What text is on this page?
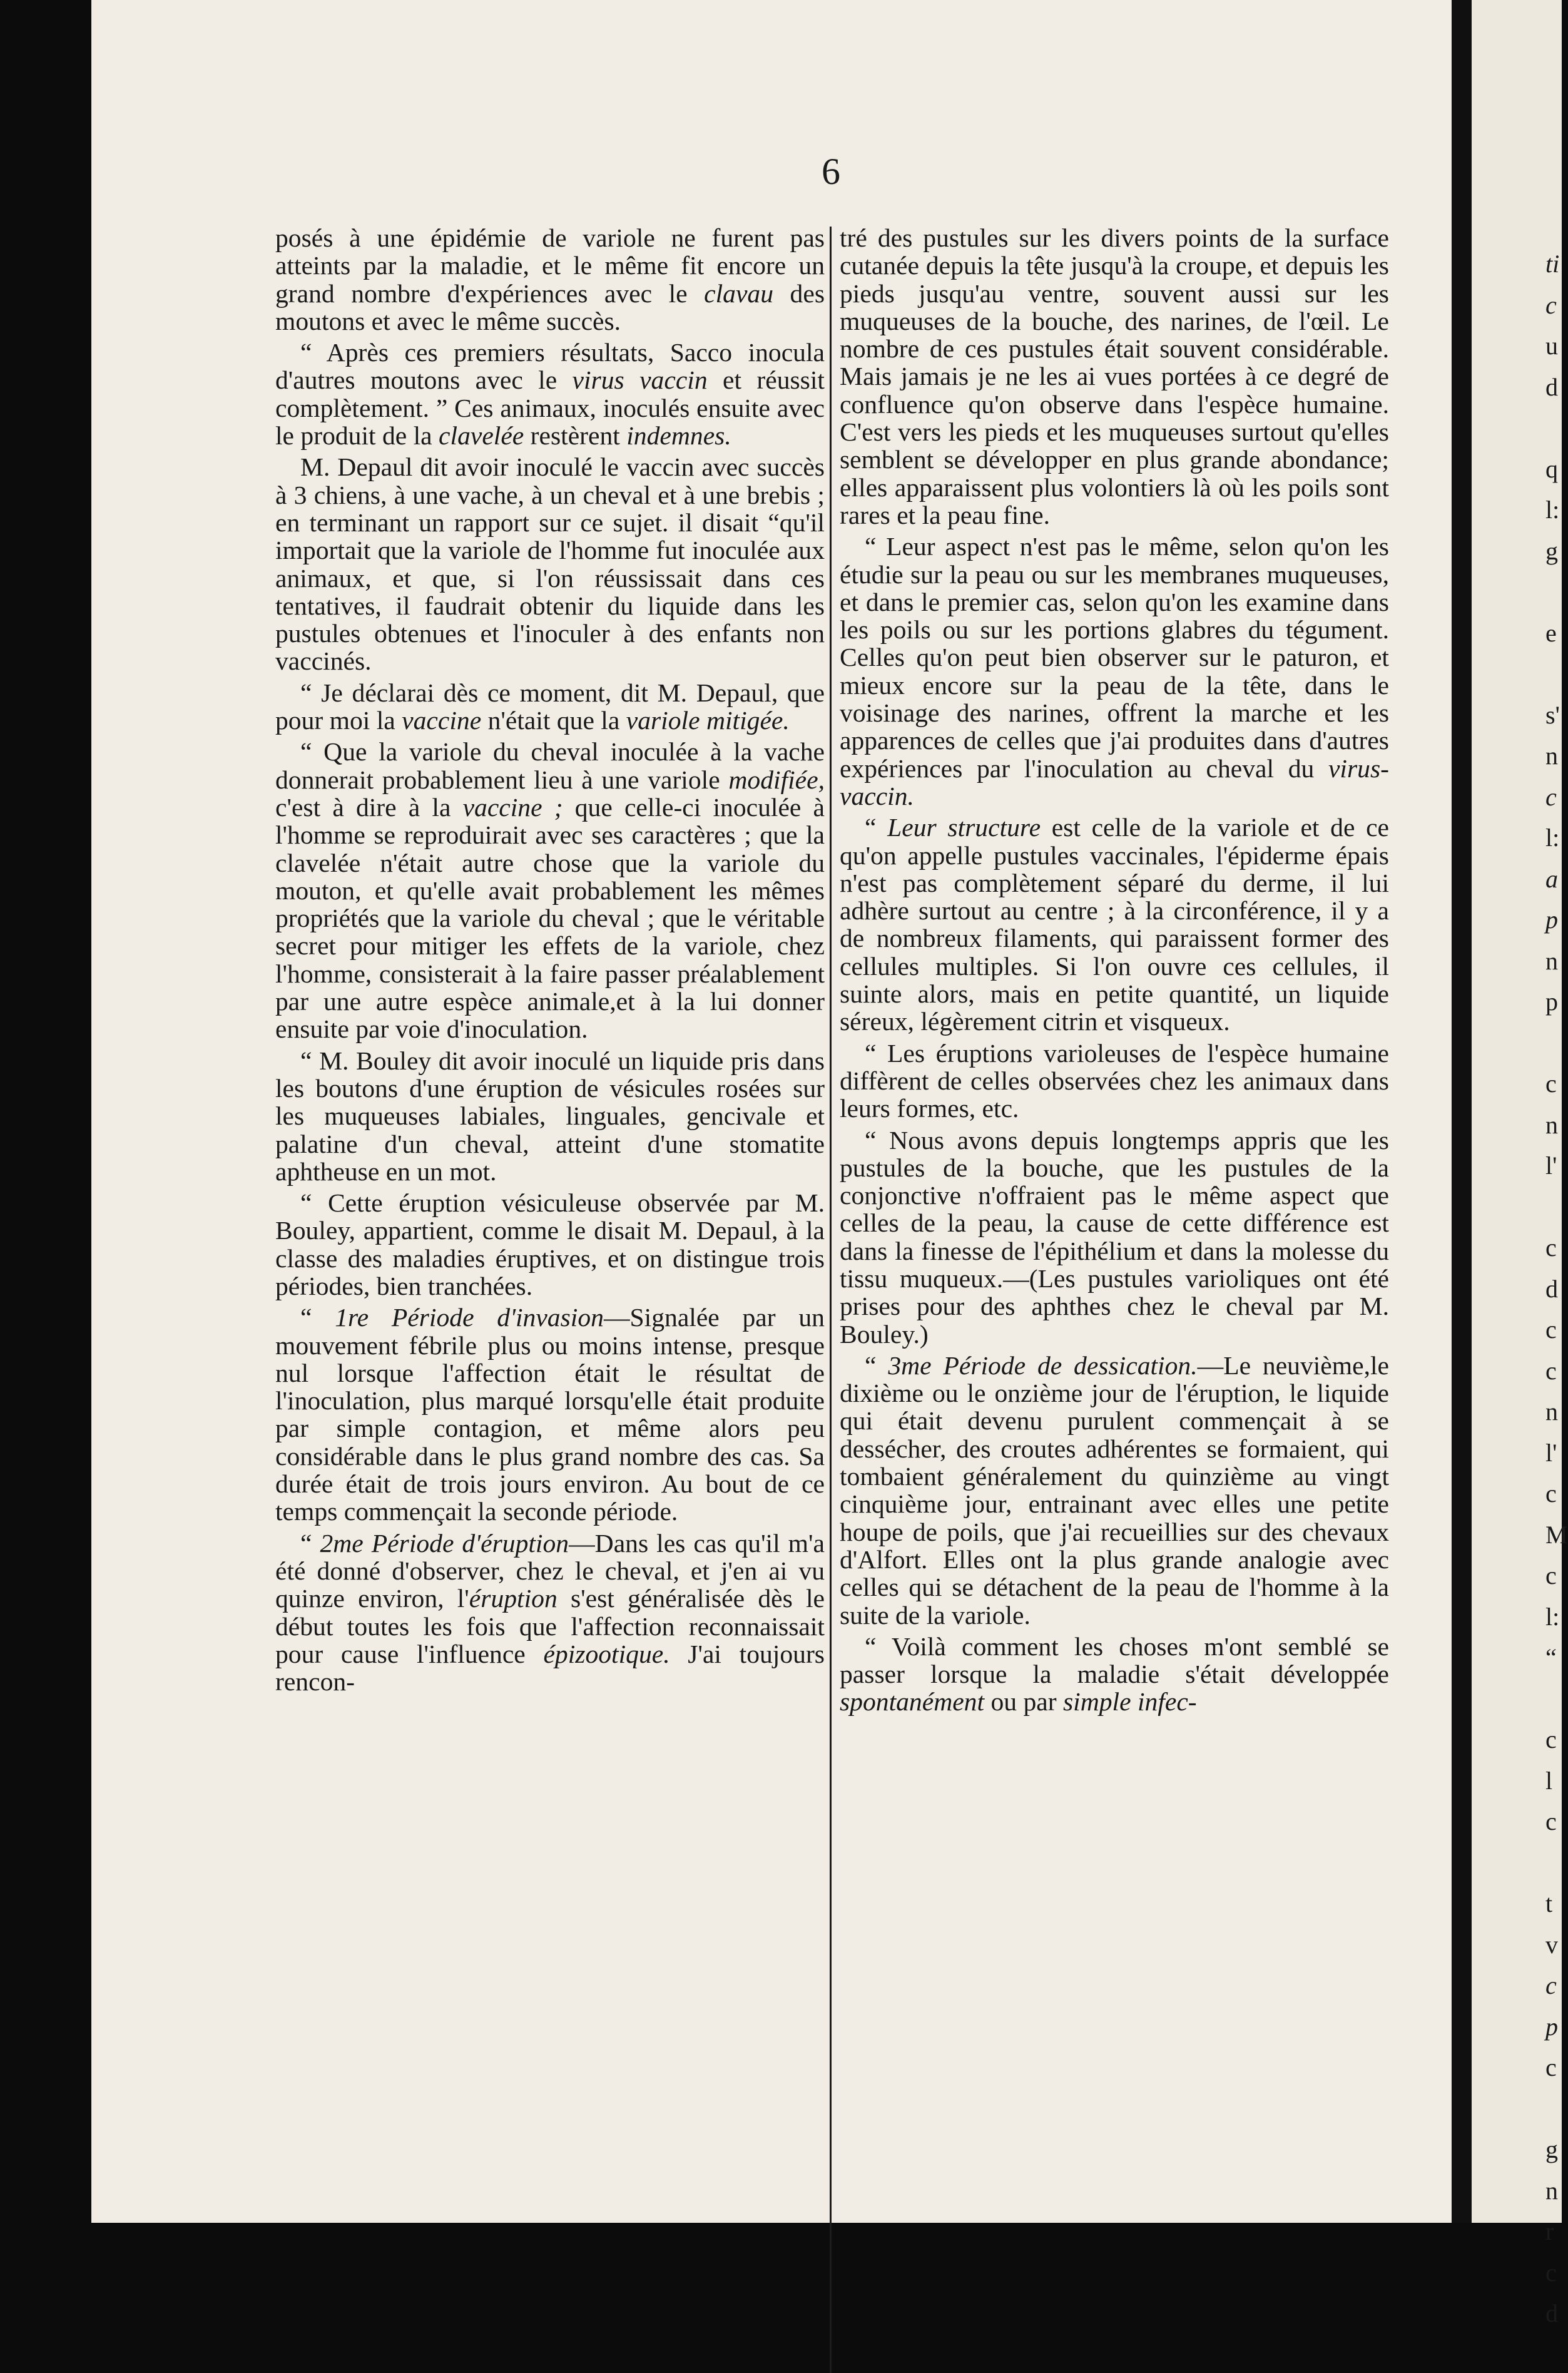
6

posés à une épidémie de variole ne furent pas atteints par la maladie, et le même fit encore un grand nombre d'expériences avec le clavau des moutons et avec le même succès.

“ Après ces premiers résultats, Sacco inocula d'autres moutons avec le virus vaccin et réussit complètement. ” Ces animaux, inoculés ensuite avec le produit de la clavelée restèrent indemnes.

M. Depaul dit avoir inoculé le vaccin avec succès à 3 chiens, à une vache, à un cheval et à une brebis ; en terminant un rapport sur ce sujet. il disait “qu'il importait que la variole de l'homme fut inoculée aux animaux, et que, si l'on réussissait dans ces tentatives, il faudrait obtenir du liquide dans les pustules obtenues et l'inoculer à des enfants non vaccinés.

“ Je déclarai dès ce moment, dit M. Depaul, que pour moi la vaccine n'était que la variole mitigée.

“ Que la variole du cheval inoculée à la vache donnerait probablement lieu à une variole modifiée, c'est à dire à la vaccine ; que celle-ci inoculée à l'homme se reproduirait avec ses caractères ; que la clavelée n'était autre chose que la variole du mouton, et qu'elle avait probablement les mêmes propriétés que la variole du cheval ; que le véritable secret pour mitiger les effets de la variole, chez l'homme, consisterait à la faire passer préalablement par une autre espèce animale,et à la lui donner ensuite par voie d'inoculation.

“ M. Bouley dit avoir inoculé un liquide pris dans les boutons d'une éruption de vésicules rosées sur les muqueuses labiales, linguales, gencivale et palatine d'un cheval, atteint d'une stomatite aphtheuse en un mot.

“ Cette éruption vésiculeuse observée par M. Bouley, appartient, comme le disait M. Depaul, à la classe des maladies éruptives, et on distingue trois périodes, bien tranchées.

“ 1re Période d'invasion—Signalée par un mouvement fébrile plus ou moins intense, presque nul lorsque l'affection était le résultat de l'inoculation, plus marqué lorsqu'elle était produite par simple contagion, et même alors peu considérable dans le plus grand nombre des cas. Sa durée était de trois jours environ. Au bout de ce temps commençait la seconde période.

“ 2me Période d'éruption—Dans les cas qu'il m'a été donné d'observer, chez le cheval, et j'en ai vu quinze environ, l'éruption s'est généralisée dès le début toutes les fois que l'affection reconnaissait pour cause l'influence épizootique. J'ai toujours rencon-

tré des pustules sur les divers points de la surface cutanée depuis la tête jusqu'à la croupe, et depuis les pieds jusqu'au ventre, souvent aussi sur les muqueuses de la bouche, des narines, de l'œil. Le nombre de ces pustules était souvent considérable. Mais jamais je ne les ai vues portées à ce degré de confluence qu'on observe dans l'espèce humaine. C'est vers les pieds et les muqueuses surtout qu'elles semblent se développer en plus grande abondance; elles apparaissent plus volontiers là où les poils sont rares et la peau fine.

“ Leur aspect n'est pas le même, selon qu'on les étudie sur la peau ou sur les membranes muqueuses, et dans le premier cas, selon qu'on les examine dans les poils ou sur les portions glabres du tégument. Celles qu'on peut bien observer sur le paturon, et mieux encore sur la peau de la tête, dans le voisinage des narines, offrent la marche et les apparences de celles que j'ai produites dans d'autres expériences par l'inoculation au cheval du virus-vaccin.

“ Leur structure est celle de la variole et de ce qu'on appelle pustules vaccinales, l'épiderme épais n'est pas complètement séparé du derme, il lui adhère surtout au centre ; à la circonférence, il y a de nombreux filaments, qui paraissent former des cellules multiples. Si l'on ouvre ces cellules, il suinte alors, mais en petite quantité, un liquide séreux, légèrement citrin et visqueux.

“ Les éruptions varioleuses de l'espèce humaine diffèrent de celles observées chez les animaux dans leurs formes, etc.

“ Nous avons depuis longtemps appris que les pustules de la bouche, que les pustules de la conjonctive n'offraient pas le même aspect que celles de la peau, la cause de cette différence est dans la finesse de l'épithélium et dans la molesse du tissu muqueux.—(Les pustules varioliques ont été prises pour des aphthes chez le cheval par M. Bouley.)

“ 3me Période de dessication.—Le neuvième,le dixième ou le onzième jour de l'éruption, le liquide qui était devenu purulent commençait à se dessécher, des croutes adhérentes se formaient, qui tombaient généralement du quinzième au vingt cinquième jour, entrainant avec elles une petite houpe de poils, que j'ai recueillies sur des chevaux d'Alfort. Elles ont la plus grande analogie avec celles qui se détachent de la peau de l'homme à la suite de la variole.

“ Voilà comment les choses m'ont semblé se passer lorsque la maladie s'était développée spontanément ou par simple infec-

ti
c
u
d
q
l:
g
e
s'
n
c
l:
a
p
n
p
c
n
l'
c
d
c
c
n
l'
c
M
c
l:
“
c
l
c
t
v
c
p
c
g
n
r
c
d
